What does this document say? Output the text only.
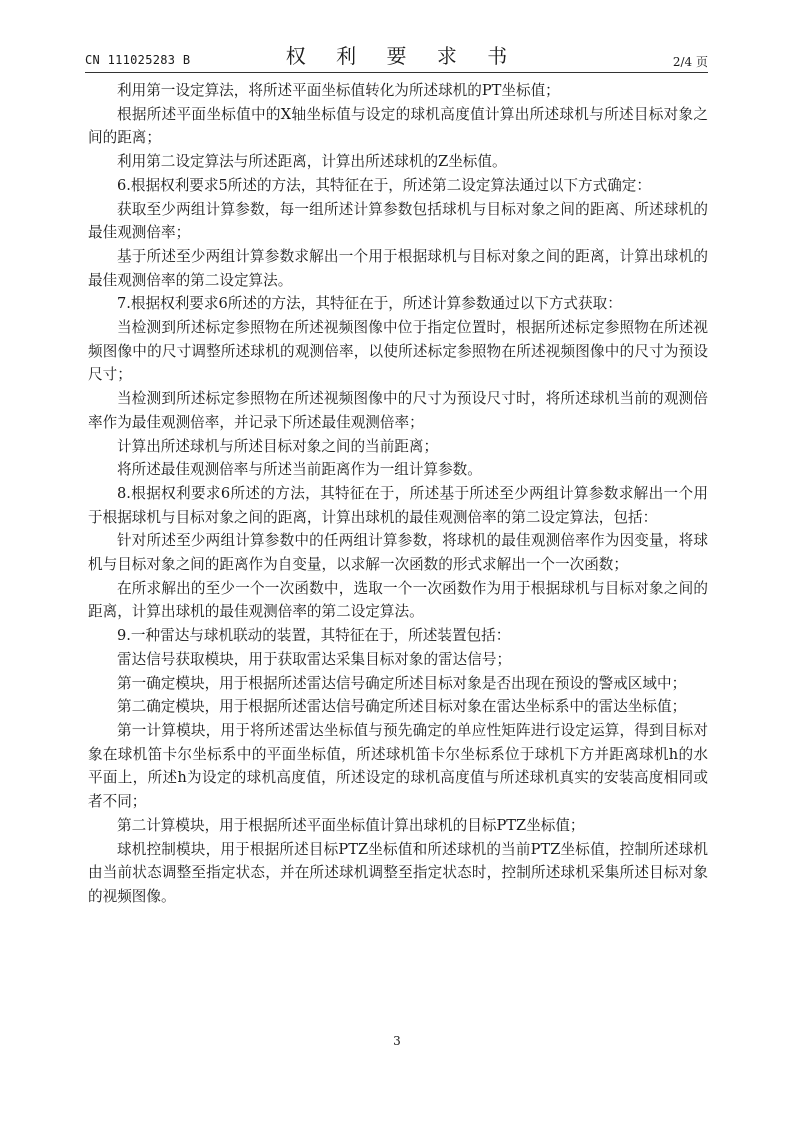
CN 111025283 B	权 利 要 求 书	2/4 页

利用第一设定算法，将所述平面坐标值转化为所述球机的PT坐标值；

根据所述平面坐标值中的X轴坐标值与设定的球机高度值计算出所述球机与所述目标对象之间的距离；

利用第二设定算法与所述距离，计算出所述球机的Z坐标值。

6.根据权利要求5所述的方法，其特征在于，所述第二设定算法通过以下方式确定：

获取至少两组计算参数，每一组所述计算参数包括球机与目标对象之间的距离、所述球机的最佳观测倍率；

基于所述至少两组计算参数求解出一个用于根据球机与目标对象之间的距离，计算出球机的最佳观测倍率的第二设定算法。

7.根据权利要求6所述的方法，其特征在于，所述计算参数通过以下方式获取：

当检测到所述标定参照物在所述视频图像中位于指定位置时，根据所述标定参照物在所述视频图像中的尺寸调整所述球机的观测倍率，以使所述标定参照物在所述视频图像中的尺寸为预设尺寸；

当检测到所述标定参照物在所述视频图像中的尺寸为预设尺寸时，将所述球机当前的观测倍率作为最佳观测倍率，并记录下所述最佳观测倍率；

计算出所述球机与所述目标对象之间的当前距离；

将所述最佳观测倍率与所述当前距离作为一组计算参数。

8.根据权利要求6所述的方法，其特征在于，所述基于所述至少两组计算参数求解出一个用于根据球机与目标对象之间的距离，计算出球机的最佳观测倍率的第二设定算法，包括：

针对所述至少两组计算参数中的任两组计算参数，将球机的最佳观测倍率作为因变量，将球机与目标对象之间的距离作为自变量，以求解一次函数的形式求解出一个一次函数；

在所求解出的至少一个一次函数中，选取一个一次函数作为用于根据球机与目标对象之间的距离，计算出球机的最佳观测倍率的第二设定算法。

9.一种雷达与球机联动的装置，其特征在于，所述装置包括：

雷达信号获取模块，用于获取雷达采集目标对象的雷达信号；

第一确定模块，用于根据所述雷达信号确定所述目标对象是否出现在预设的警戒区域中；

第二确定模块，用于根据所述雷达信号确定所述目标对象在雷达坐标系中的雷达坐标值；

第一计算模块，用于将所述雷达坐标值与预先确定的单应性矩阵进行设定运算，得到目标对象在球机笛卡尔坐标系中的平面坐标值，所述球机笛卡尔坐标系位于球机下方并距离球机h的水平面上，所述h为设定的球机高度值，所述设定的球机高度值与所述球机真实的安装高度相同或者不同；

第二计算模块，用于根据所述平面坐标值计算出球机的目标PTZ坐标值；

球机控制模块，用于根据所述目标PTZ坐标值和所述球机的当前PTZ坐标值，控制所述球机由当前状态调整至指定状态，并在所述球机调整至指定状态时，控制所述球机采集所述目标对象的视频图像。

3
